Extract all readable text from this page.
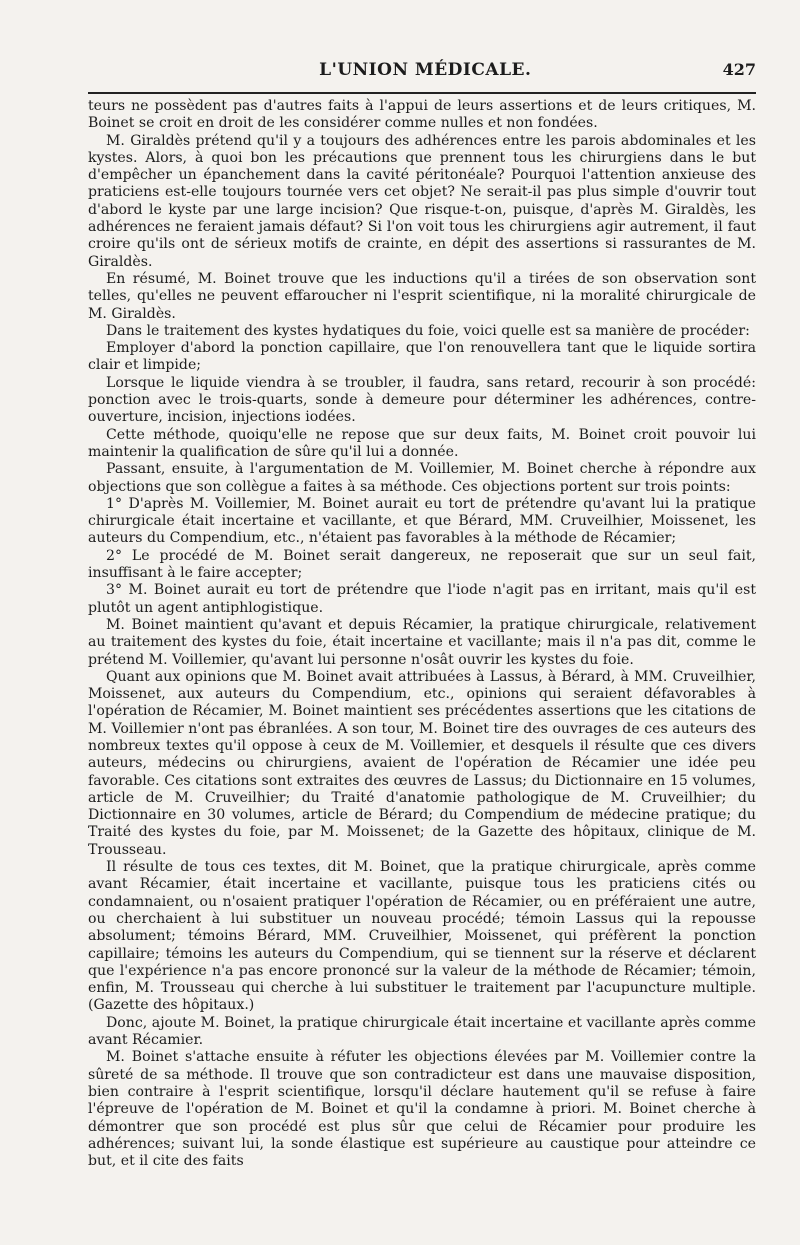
L'UNION MÉDICALE.	427

teurs ne possèdent pas d'autres faits à l'appui de leurs assertions et de leurs critiques, M. Boinet se croit en droit de les considérer comme nulles et non fondées.

M. Giraldès prétend qu'il y a toujours des adhérences entre les parois abdominales et les kystes. Alors, à quoi bon les précautions que prennent tous les chirurgiens dans le but d'empêcher un épanchement dans la cavité péritonéale? Pourquoi l'attention anxieuse des praticiens est-elle toujours tournée vers cet objet? Ne serait-il pas plus simple d'ouvrir tout d'abord le kyste par une large incision? Que risque-t-on, puisque, d'après M. Giraldès, les adhérences ne feraient jamais défaut? Si l'on voit tous les chirurgiens agir autrement, il faut croire qu'ils ont de sérieux motifs de crainte, en dépit des assertions si rassurantes de M. Giraldès.

En résumé, M. Boinet trouve que les inductions qu'il a tirées de son observation sont telles, qu'elles ne peuvent effaroucher ni l'esprit scientifique, ni la moralité chirurgicale de M. Giraldès.

Dans le traitement des kystes hydatiques du foie, voici quelle est sa manière de procéder:

Employer d'abord la ponction capillaire, que l'on renouvellera tant que le liquide sortira clair et limpide;

Lorsque le liquide viendra à se troubler, il faudra, sans retard, recourir à son procédé: ponction avec le trois-quarts, sonde à demeure pour déterminer les adhérences, contre-ouverture, incision, injections iodées.

Cette méthode, quoiqu'elle ne repose que sur deux faits, M. Boinet croit pouvoir lui maintenir la qualification de sûre qu'il lui a donnée.

Passant, ensuite, à l'argumentation de M. Voillemier, M. Boinet cherche à répondre aux objections que son collègue a faites à sa méthode. Ces objections portent sur trois points:

1° D'après M. Voillemier, M. Boinet aurait eu tort de prétendre qu'avant lui la pratique chirurgicale était incertaine et vacillante, et que Bérard, MM. Cruveilhier, Moissenet, les auteurs du Compendium, etc., n'étaient pas favorables à la méthode de Récamier;

2° Le procédé de M. Boinet serait dangereux, ne reposerait que sur un seul fait, insuffisant à le faire accepter;

3° M. Boinet aurait eu tort de prétendre que l'iode n'agit pas en irritant, mais qu'il est plutôt un agent antiphlogistique.

M. Boinet maintient qu'avant et depuis Récamier, la pratique chirurgicale, relativement au traitement des kystes du foie, était incertaine et vacillante; mais il n'a pas dit, comme le prétend M. Voillemier, qu'avant lui personne n'osât ouvrir les kystes du foie.

Quant aux opinions que M. Boinet avait attribuées à Lassus, à Bérard, à MM. Cruveilhier, Moissenet, aux auteurs du Compendium, etc., opinions qui seraient défavorables à l'opération de Récamier, M. Boinet maintient ses précédentes assertions que les citations de M. Voillemier n'ont pas ébranlées. A son tour, M. Boinet tire des ouvrages de ces auteurs des nombreux textes qu'il oppose à ceux de M. Voillemier, et desquels il résulte que ces divers auteurs, médecins ou chirurgiens, avaient de l'opération de Récamier une idée peu favorable. Ces citations sont extraites des œuvres de Lassus; du Dictionnaire en 15 volumes, article de M. Cruveilhier; du Traité d'anatomie pathologique de M. Cruveilhier; du Dictionnaire en 30 volumes, article de Bérard; du Compendium de médecine pratique; du Traité des kystes du foie, par M. Moissenet; de la Gazette des hôpitaux, clinique de M. Trousseau.

Il résulte de tous ces textes, dit M. Boinet, que la pratique chirurgicale, après comme avant Récamier, était incertaine et vacillante, puisque tous les praticiens cités ou condamnaient, ou n'osaient pratiquer l'opération de Récamier, ou en préféraient une autre, ou cherchaient à lui substituer un nouveau procédé; témoin Lassus qui la repousse absolument; témoins Bérard, MM. Cruveilhier, Moissenet, qui préfèrent la ponction capillaire; témoins les auteurs du Compendium, qui se tiennent sur la réserve et déclarent que l'expérience n'a pas encore prononcé sur la valeur de la méthode de Récamier; témoin, enfin, M. Trousseau qui cherche à lui substituer le traitement par l'acupuncture multiple. (Gazette des hôpitaux.)

Donc, ajoute M. Boinet, la pratique chirurgicale était incertaine et vacillante après comme avant Récamier.

M. Boinet s'attache ensuite à réfuter les objections élevées par M. Voillemier contre la sûreté de sa méthode. Il trouve que son contradicteur est dans une mauvaise disposition, bien contraire à l'esprit scientifique, lorsqu'il déclare hautement qu'il se refuse à faire l'épreuve de l'opération de M. Boinet et qu'il la condamne à priori. M. Boinet cherche à démontrer que son procédé est plus sûr que celui de Récamier pour produire les adhérences; suivant lui, la sonde élastique est supérieure au caustique pour atteindre ce but, et il cite des faits
